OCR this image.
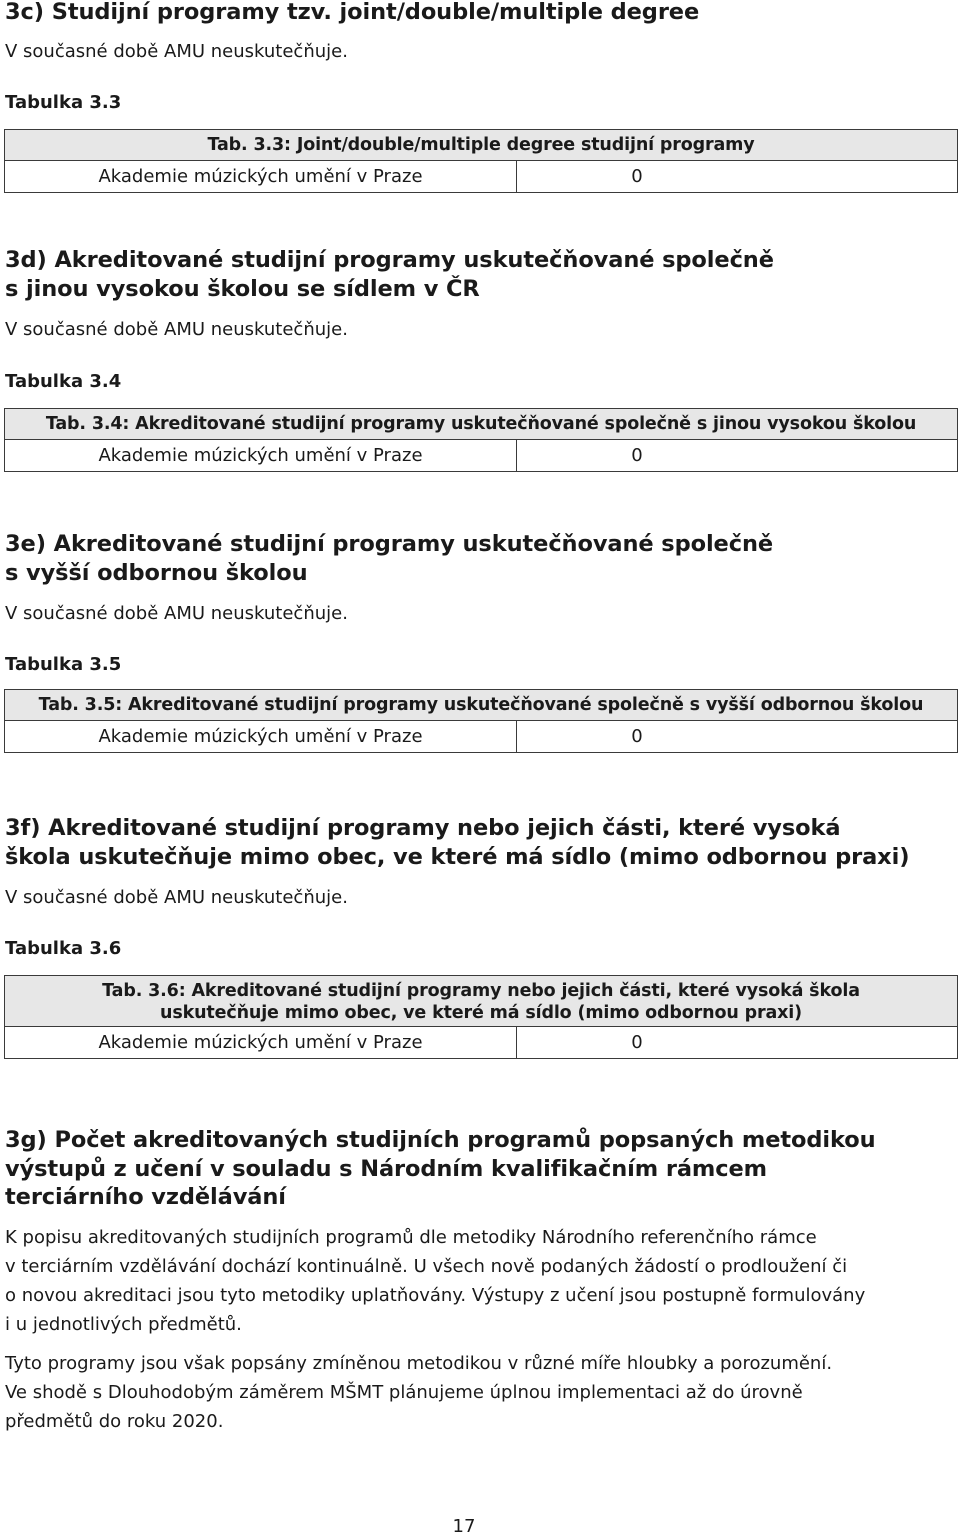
3c) Studijní programy tzv. joint/double/multiple degree
V současné době AMU neuskutečňuje.
Tabulka 3.3
Tab. 3.3: Joint/double/multiple degree studijní programy
Akademie múzických umění v Praze	0
3d) Akreditované studijní programy uskutečňované společně
s jinou vysokou školou se sídlem v ČR
V současné době AMU neuskutečňuje.
Tabulka 3.4
Tab. 3.4: Akreditované studijní programy uskutečňované společně s jinou vysokou školou
Akademie múzických umění v Praze	0
3e) Akreditované studijní programy uskutečňované společně
s vyšší odbornou školou
V současné době AMU neuskutečňuje.
Tabulka 3.5
Tab. 3.5: Akreditované studijní programy uskutečňované společně s vyšší odbornou školou
Akademie múzických umění v Praze	0
3f) Akreditované studijní programy nebo jejich části, které vysoká
škola uskutečňuje mimo obec, ve které má sídlo (mimo odbornou praxi)
V současné době AMU neuskutečňuje.
Tabulka 3.6
Tab. 3.6: Akreditované studijní programy nebo jejich části, které vysoká škola
uskutečňuje mimo obec, ve které má sídlo (mimo odbornou praxi)
Akademie múzických umění v Praze	0
3g) Počet akreditovaných studijních programů popsaných metodikou
výstupů z učení v souladu s Národním kvalifikačním rámcem
terciárního vzdělávání
K popisu akreditovaných studijních programů dle metodiky Národního referenčního rámce
v terciárním vzdělávání dochází kontinuálně. U všech nově podaných žádostí o prodloužení či
o novou akreditaci jsou tyto metodiky uplatňovány. Výstupy z učení jsou postupně formulovány
i u jednotlivých předmětů.
Tyto programy jsou však popsány zmíněnou metodikou v různé míře hloubky a porozumění.
Ve shodě s Dlouhodobým záměrem MŠMT plánujeme úplnou implementaci až do úrovně
předmětů do roku 2020.
17
